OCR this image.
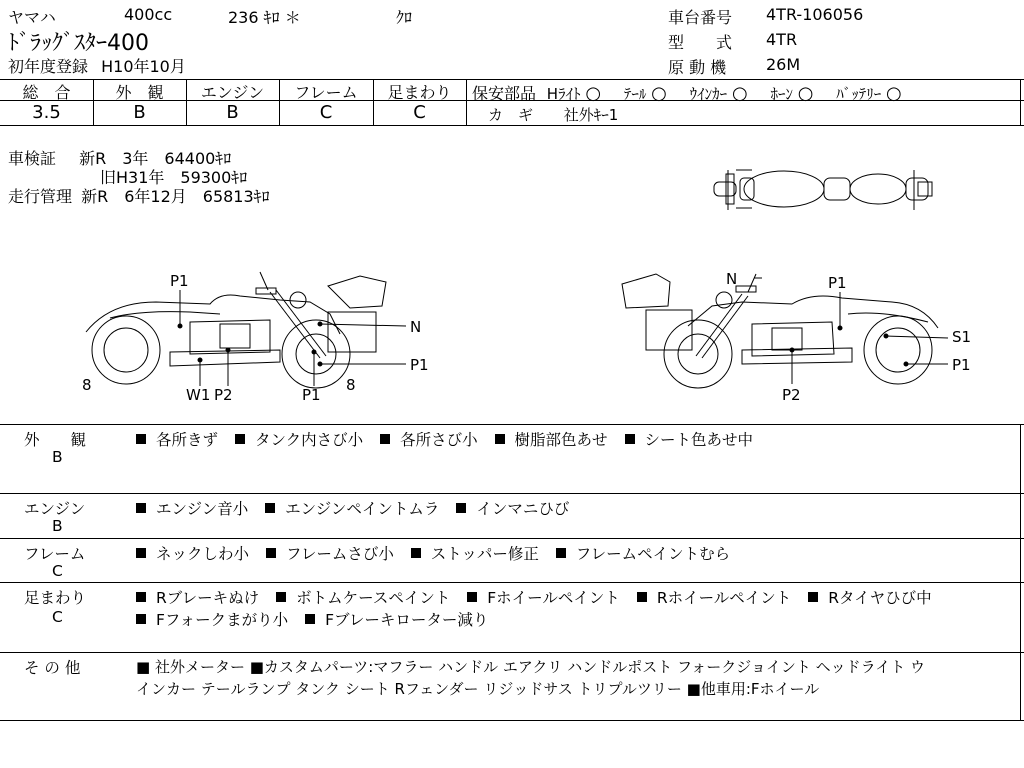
ヤマハ	400cc	236 ｷﾛ ＊	ｸﾛ
ﾄﾞﾗｯｸﾞｽﾀｰ400
初年度登録 H10年10月
車台番号 4TR-106056
型　　式 4TR
原 動 機 26M
総　合	外　観	エンジン	フレーム	足まわり
3.5	B	B	C	C
保安部品 Hﾗｲﾄ ○ ﾃｰﾙ ○ ｳｲﾝｶｰ ○ ﾎｰﾝ ○ ﾊﾞｯﾃﾘｰ ○
カ　ギ 社外ｷｰ1
車検証 新R　3年　64400ｷﾛ
旧H31年　59300ｷﾛ
走行管理 新R　6年12月　65813ｷﾛ
P1
N
P1
8
W1 P2	P1
8
N	P1
S1
P1
P2
外　　観
B
各所きず タンク内さび小 各所さび小 樹脂部色あせ シート色あせ中
エンジン
B
エンジン音小 エンジンペイントムラ インマニひび
フレーム
C
ネックしわ小 フレームさび小 ストッパー修正 フレームペイントむら
足まわり
C
Rブレーキぬけ ボトムケースペイント Fホイールペイント Rホイールペイント Rタイヤひび中
Fフォークまがり小 Fブレーキローター減り
そ の 他	■ 社外メーター ■カスタムパーツ:マフラー ハンドル エアクリ ハンドルポスト フォークジョイント ヘッドライト ウ
インカー テールランプ タンク シート Rフェンダー リジッドサス トリプルツリー ■他車用:Fホイール
